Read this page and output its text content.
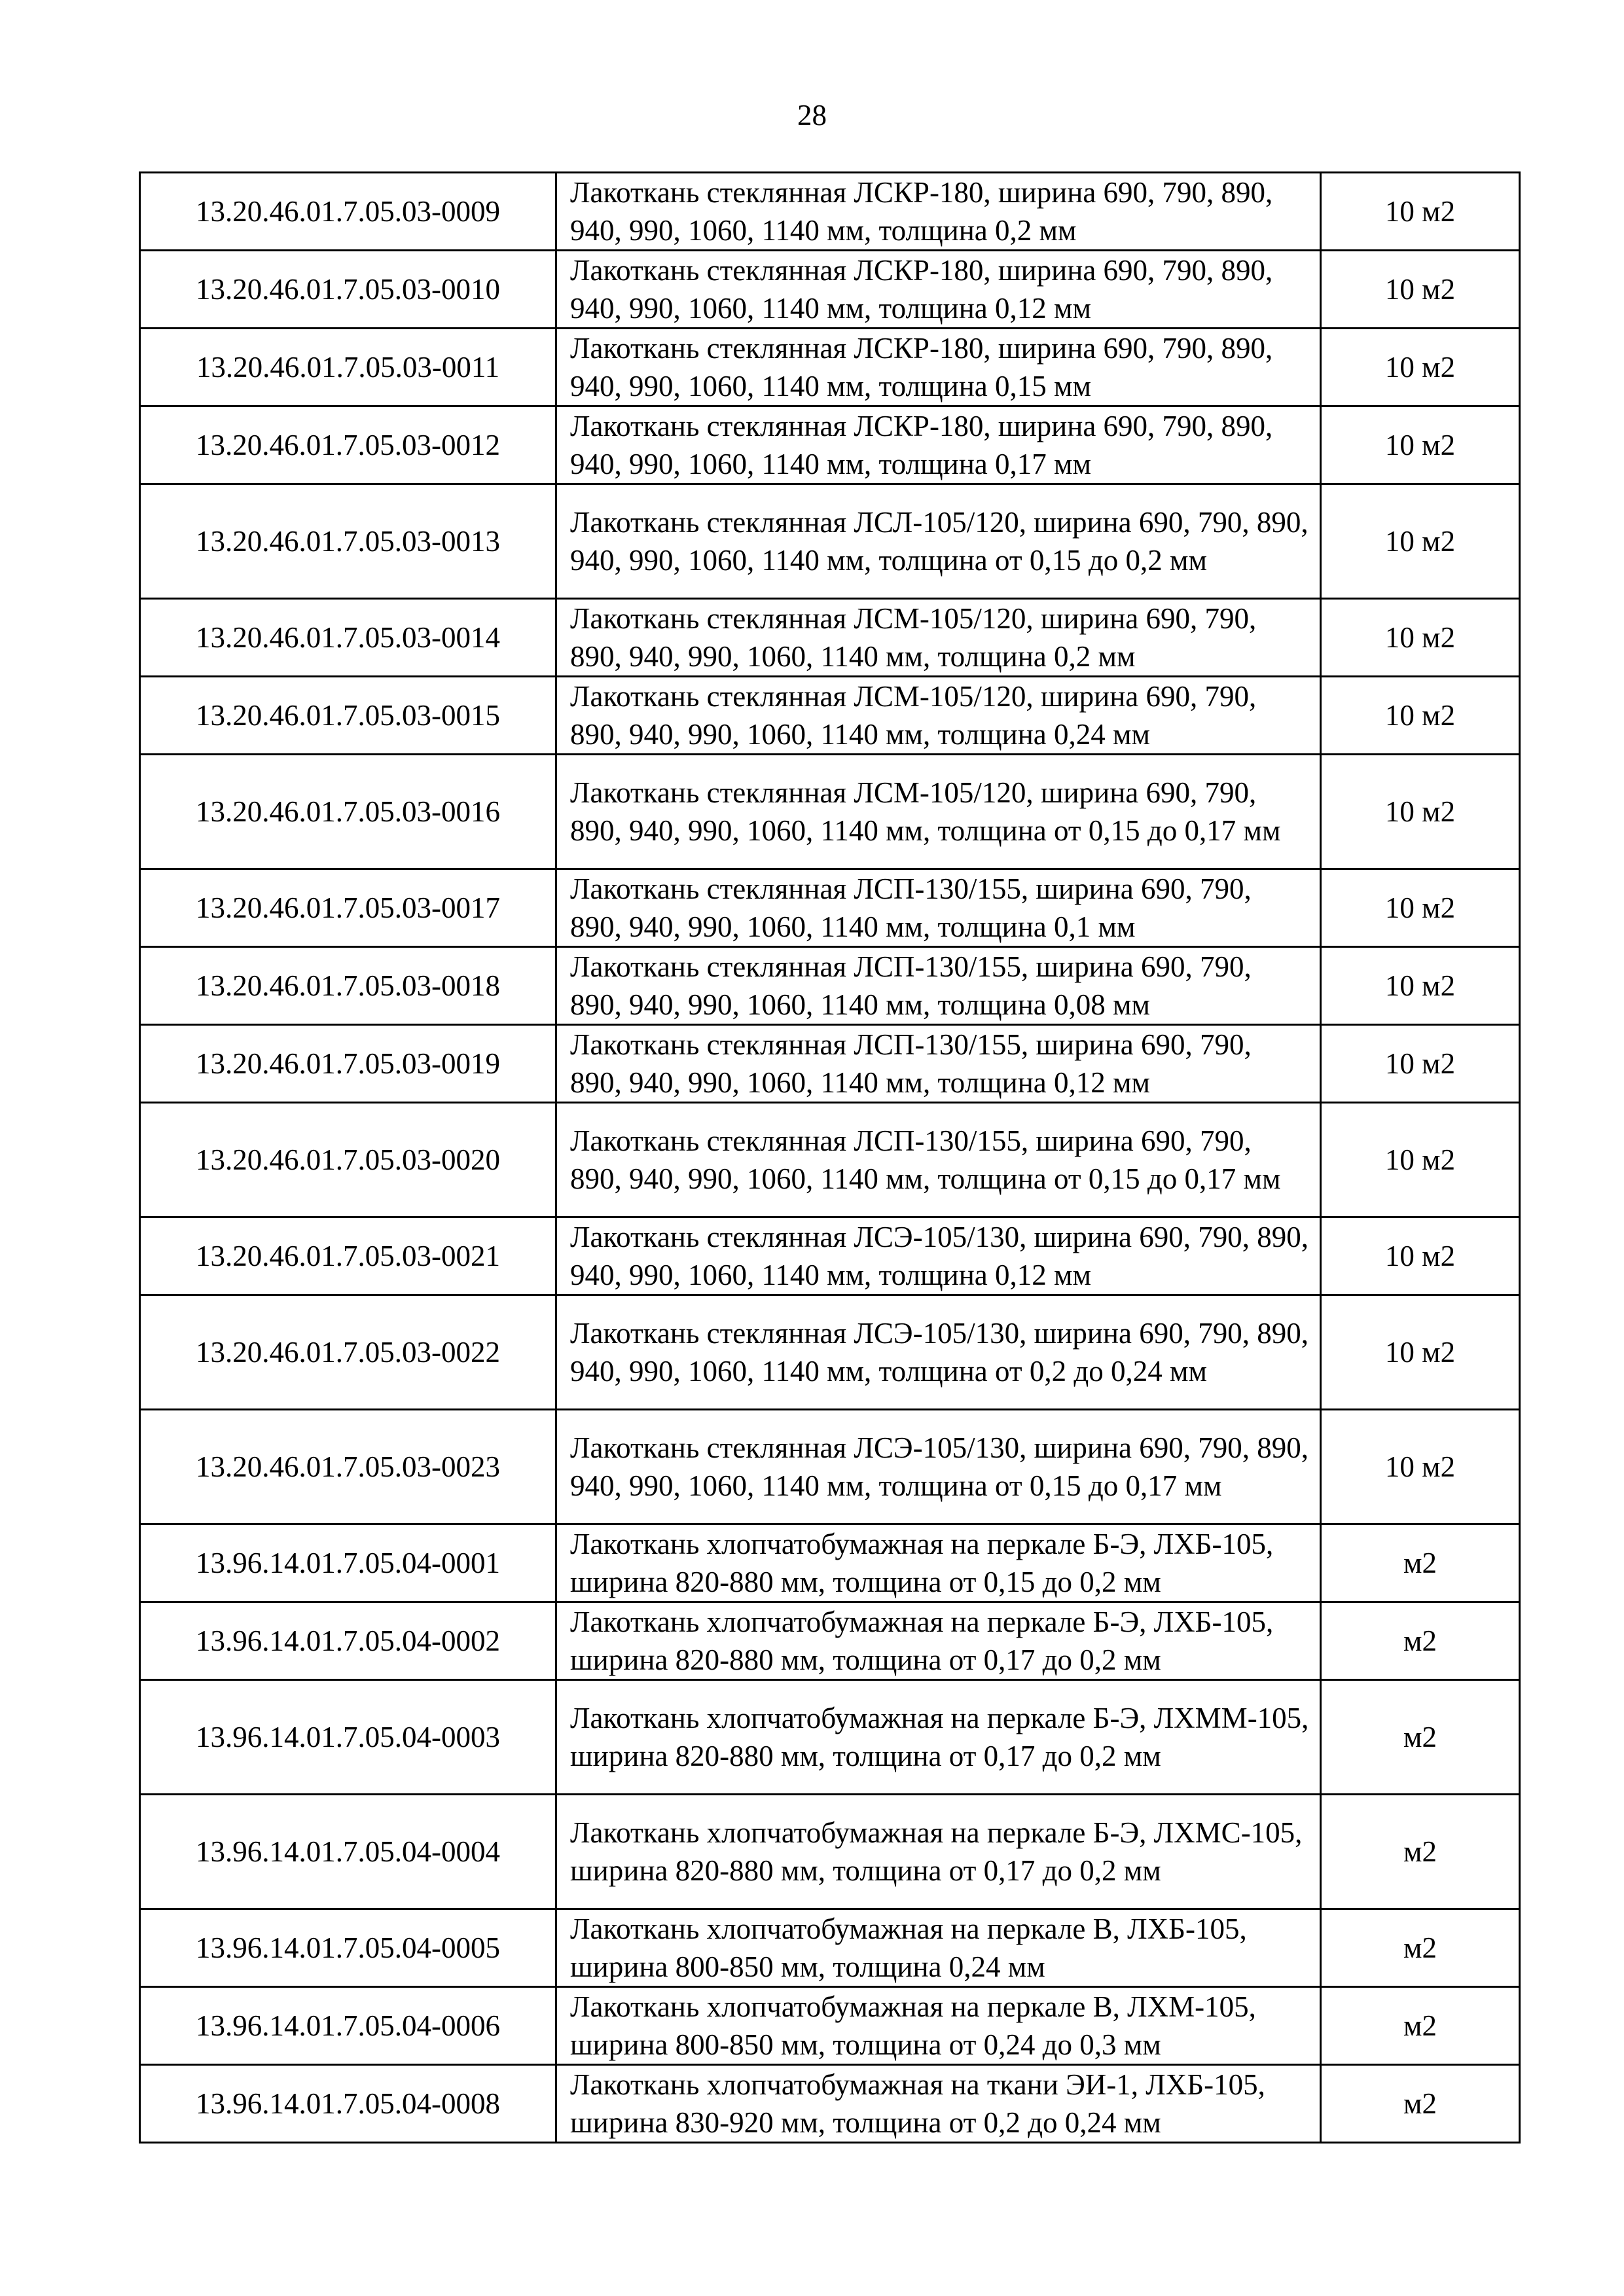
28
13.20.46.01.7.05.03-0009	Лакоткань стеклянная ЛСКР-180, ширина 690, 790, 890, 940, 990, 1060, 1140 мм, толщина 0,2 мм	10 м2
13.20.46.01.7.05.03-0010	Лакоткань стеклянная ЛСКР-180, ширина 690, 790, 890, 940, 990, 1060, 1140 мм, толщина 0,12 мм	10 м2
13.20.46.01.7.05.03-0011	Лакоткань стеклянная ЛСКР-180, ширина 690, 790, 890, 940, 990, 1060, 1140 мм, толщина 0,15 мм	10 м2
13.20.46.01.7.05.03-0012	Лакоткань стеклянная ЛСКР-180, ширина 690, 790, 890, 940, 990, 1060, 1140 мм, толщина 0,17 мм	10 м2
13.20.46.01.7.05.03-0013	Лакоткань стеклянная ЛСЛ-105/120, ширина 690, 790, 890, 940, 990, 1060, 1140 мм, толщина от 0,15 до 0,2 мм	10 м2
13.20.46.01.7.05.03-0014	Лакоткань стеклянная ЛСМ-105/120, ширина 690, 790, 890, 940, 990, 1060, 1140 мм, толщина 0,2 мм	10 м2
13.20.46.01.7.05.03-0015	Лакоткань стеклянная ЛСМ-105/120, ширина 690, 790, 890, 940, 990, 1060, 1140 мм, толщина 0,24 мм	10 м2
13.20.46.01.7.05.03-0016	Лакоткань стеклянная ЛСМ-105/120, ширина 690, 790, 890, 940, 990, 1060, 1140 мм, толщина от 0,15 до 0,17 мм	10 м2
13.20.46.01.7.05.03-0017	Лакоткань стеклянная ЛСП-130/155, ширина 690, 790, 890, 940, 990, 1060, 1140 мм, толщина 0,1 мм	10 м2
13.20.46.01.7.05.03-0018	Лакоткань стеклянная ЛСП-130/155, ширина 690, 790, 890, 940, 990, 1060, 1140 мм, толщина 0,08 мм	10 м2
13.20.46.01.7.05.03-0019	Лакоткань стеклянная ЛСП-130/155, ширина 690, 790, 890, 940, 990, 1060, 1140 мм, толщина 0,12 мм	10 м2
13.20.46.01.7.05.03-0020	Лакоткань стеклянная ЛСП-130/155, ширина 690, 790, 890, 940, 990, 1060, 1140 мм, толщина от 0,15 до 0,17 мм	10 м2
13.20.46.01.7.05.03-0021	Лакоткань стеклянная ЛСЭ-105/130, ширина 690, 790, 890, 940, 990, 1060, 1140 мм, толщина 0,12 мм	10 м2
13.20.46.01.7.05.03-0022	Лакоткань стеклянная ЛСЭ-105/130, ширина 690, 790, 890, 940, 990, 1060, 1140 мм, толщина от 0,2 до 0,24 мм	10 м2
13.20.46.01.7.05.03-0023	Лакоткань стеклянная ЛСЭ-105/130, ширина 690, 790, 890, 940, 990, 1060, 1140 мм, толщина от 0,15 до 0,17 мм	10 м2
13.96.14.01.7.05.04-0001	Лакоткань хлопчатобумажная на перкале Б-Э, ЛХБ-105, ширина 820-880 мм, толщина от 0,15 до 0,2 мм	м2
13.96.14.01.7.05.04-0002	Лакоткань хлопчатобумажная на перкале Б-Э, ЛХБ-105, ширина 820-880 мм, толщина от 0,17 до 0,2 мм	м2
13.96.14.01.7.05.04-0003	Лакоткань хлопчатобумажная на перкале Б-Э, ЛХММ-105, ширина 820-880 мм, толщина от 0,17 до 0,2 мм	м2
13.96.14.01.7.05.04-0004	Лакоткань хлопчатобумажная на перкале Б-Э, ЛХМС-105, ширина 820-880 мм, толщина от 0,17 до 0,2 мм	м2
13.96.14.01.7.05.04-0005	Лакоткань хлопчатобумажная на перкале В, ЛХБ-105, ширина 800-850 мм, толщина 0,24 мм	м2
13.96.14.01.7.05.04-0006	Лакоткань хлопчатобумажная на перкале В, ЛХМ-105, ширина 800-850 мм, толщина от 0,24 до 0,3 мм	м2
13.96.14.01.7.05.04-0008	Лакоткань хлопчатобумажная на ткани ЭИ-1, ЛХБ-105, ширина 830-920 мм, толщина от 0,2 до 0,24 мм	м2
